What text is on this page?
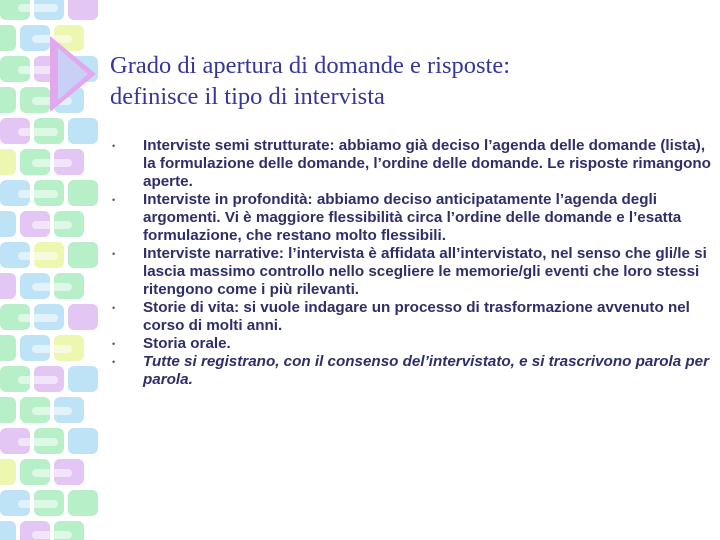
Grado di apertura di domande e risposte:
definisce il tipo di intervista
• Interviste semi strutturate: abbiamo già deciso l’agenda delle domande (lista), la formulazione delle domande, l’ordine delle domande. Le risposte rimangono aperte.
• Interviste in profondità: abbiamo deciso anticipatamente l’agenda degli argomenti. Vi è maggiore flessibilità circa l’ordine delle domande e l’esatta formulazione, che restano molto flessibili.
• Interviste narrative: l’intervista è affidata all’intervistato, nel senso che gli/le si lascia massimo controllo nello scegliere le memorie/gli eventi che loro stessi ritengono come i più rilevanti.
• Storie di vita: si vuole indagare un processo di trasformazione avvenuto nel corso di molti anni.
• Storia orale.
• Tutte si registrano, con il consenso del’intervistato, e si trascrivono parola per parola.
